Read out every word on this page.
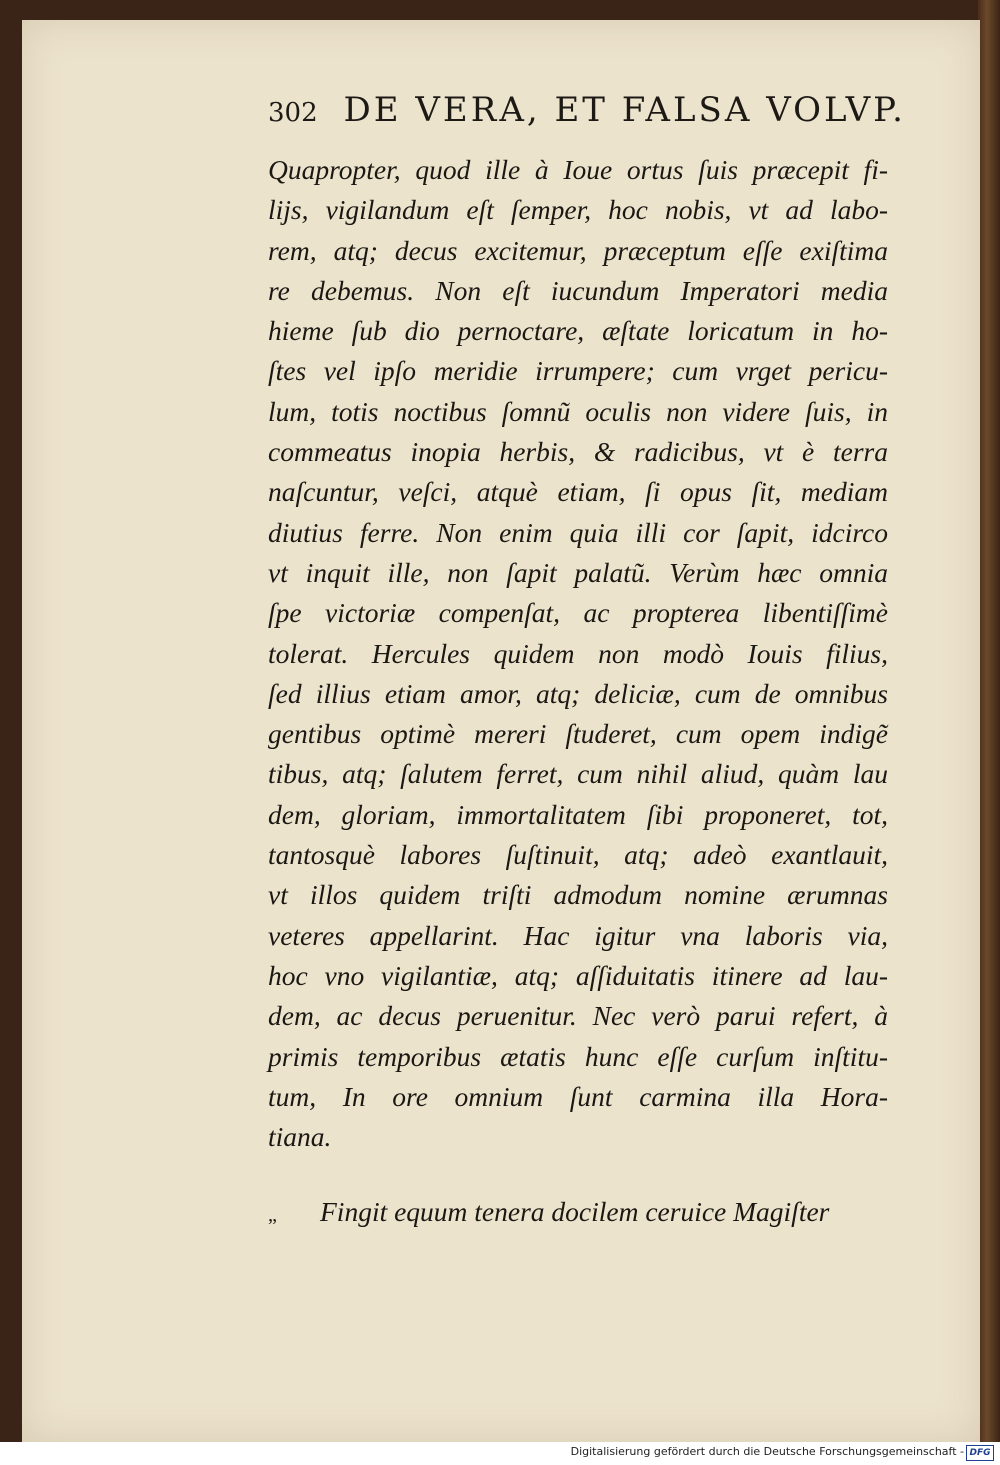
302 DE VERA, ET FALSA VOLVP.
Quapropter, quod ille à Ioue ortus ſuis præcepit fi-
lijs, vigilandum eſt ſemper, hoc nobis, vt ad labo-
rem, atq; decus excitemur, præceptum eſſe exiſtima
re debemus. Non eſt iucundum Imperatori media
hieme ſub dio pernoctare, æſtate loricatum in ho-
ſtes vel ipſo meridie irrumpere; cum vrget pericu-
lum, totis noctibus ſomnũ oculis non videre ſuis, in
commeatus inopia herbis, & radicibus, vt è terra
naſcuntur, veſci, atquè etiam, ſi opus ſit, mediam
diutius ferre. Non enim quia illi cor ſapit, idcirco
vt inquit ille, non ſapit palatũ. Verùm hæc omnia
ſpe victoriæ compenſat, ac propterea libentiſſimè
tolerat. Hercules quidem non modò Iouis filius,
ſed illius etiam amor, atq; deliciæ, cum de omnibus
gentibus optimè mereri ſtuderet, cum opem indigẽ
tibus, atq; ſalutem ferret, cum nihil aliud, quàm lau
dem, gloriam, immortalitatem ſibi proponeret, tot,
tantosquè labores ſuſtinuit, atq; adeò exantlauit,
vt illos quidem triſti admodum nomine ærumnas
veteres appellarint. Hac igitur vna laboris via,
hoc vno vigilantiæ, atq; aſſiduitatis itinere ad lau-
dem, ac decus peruenitur. Nec verò parui refert, à
primis temporibus ætatis hunc eſſe curſum inſtitu-
tum, In ore omnium ſunt carmina illa Hora-
tiana.
„ Fingit equum tenera docilem ceruice Magiſter
Digitalisierung gefördert durch die Deutsche Forschungsgemeinschaft - DFG
